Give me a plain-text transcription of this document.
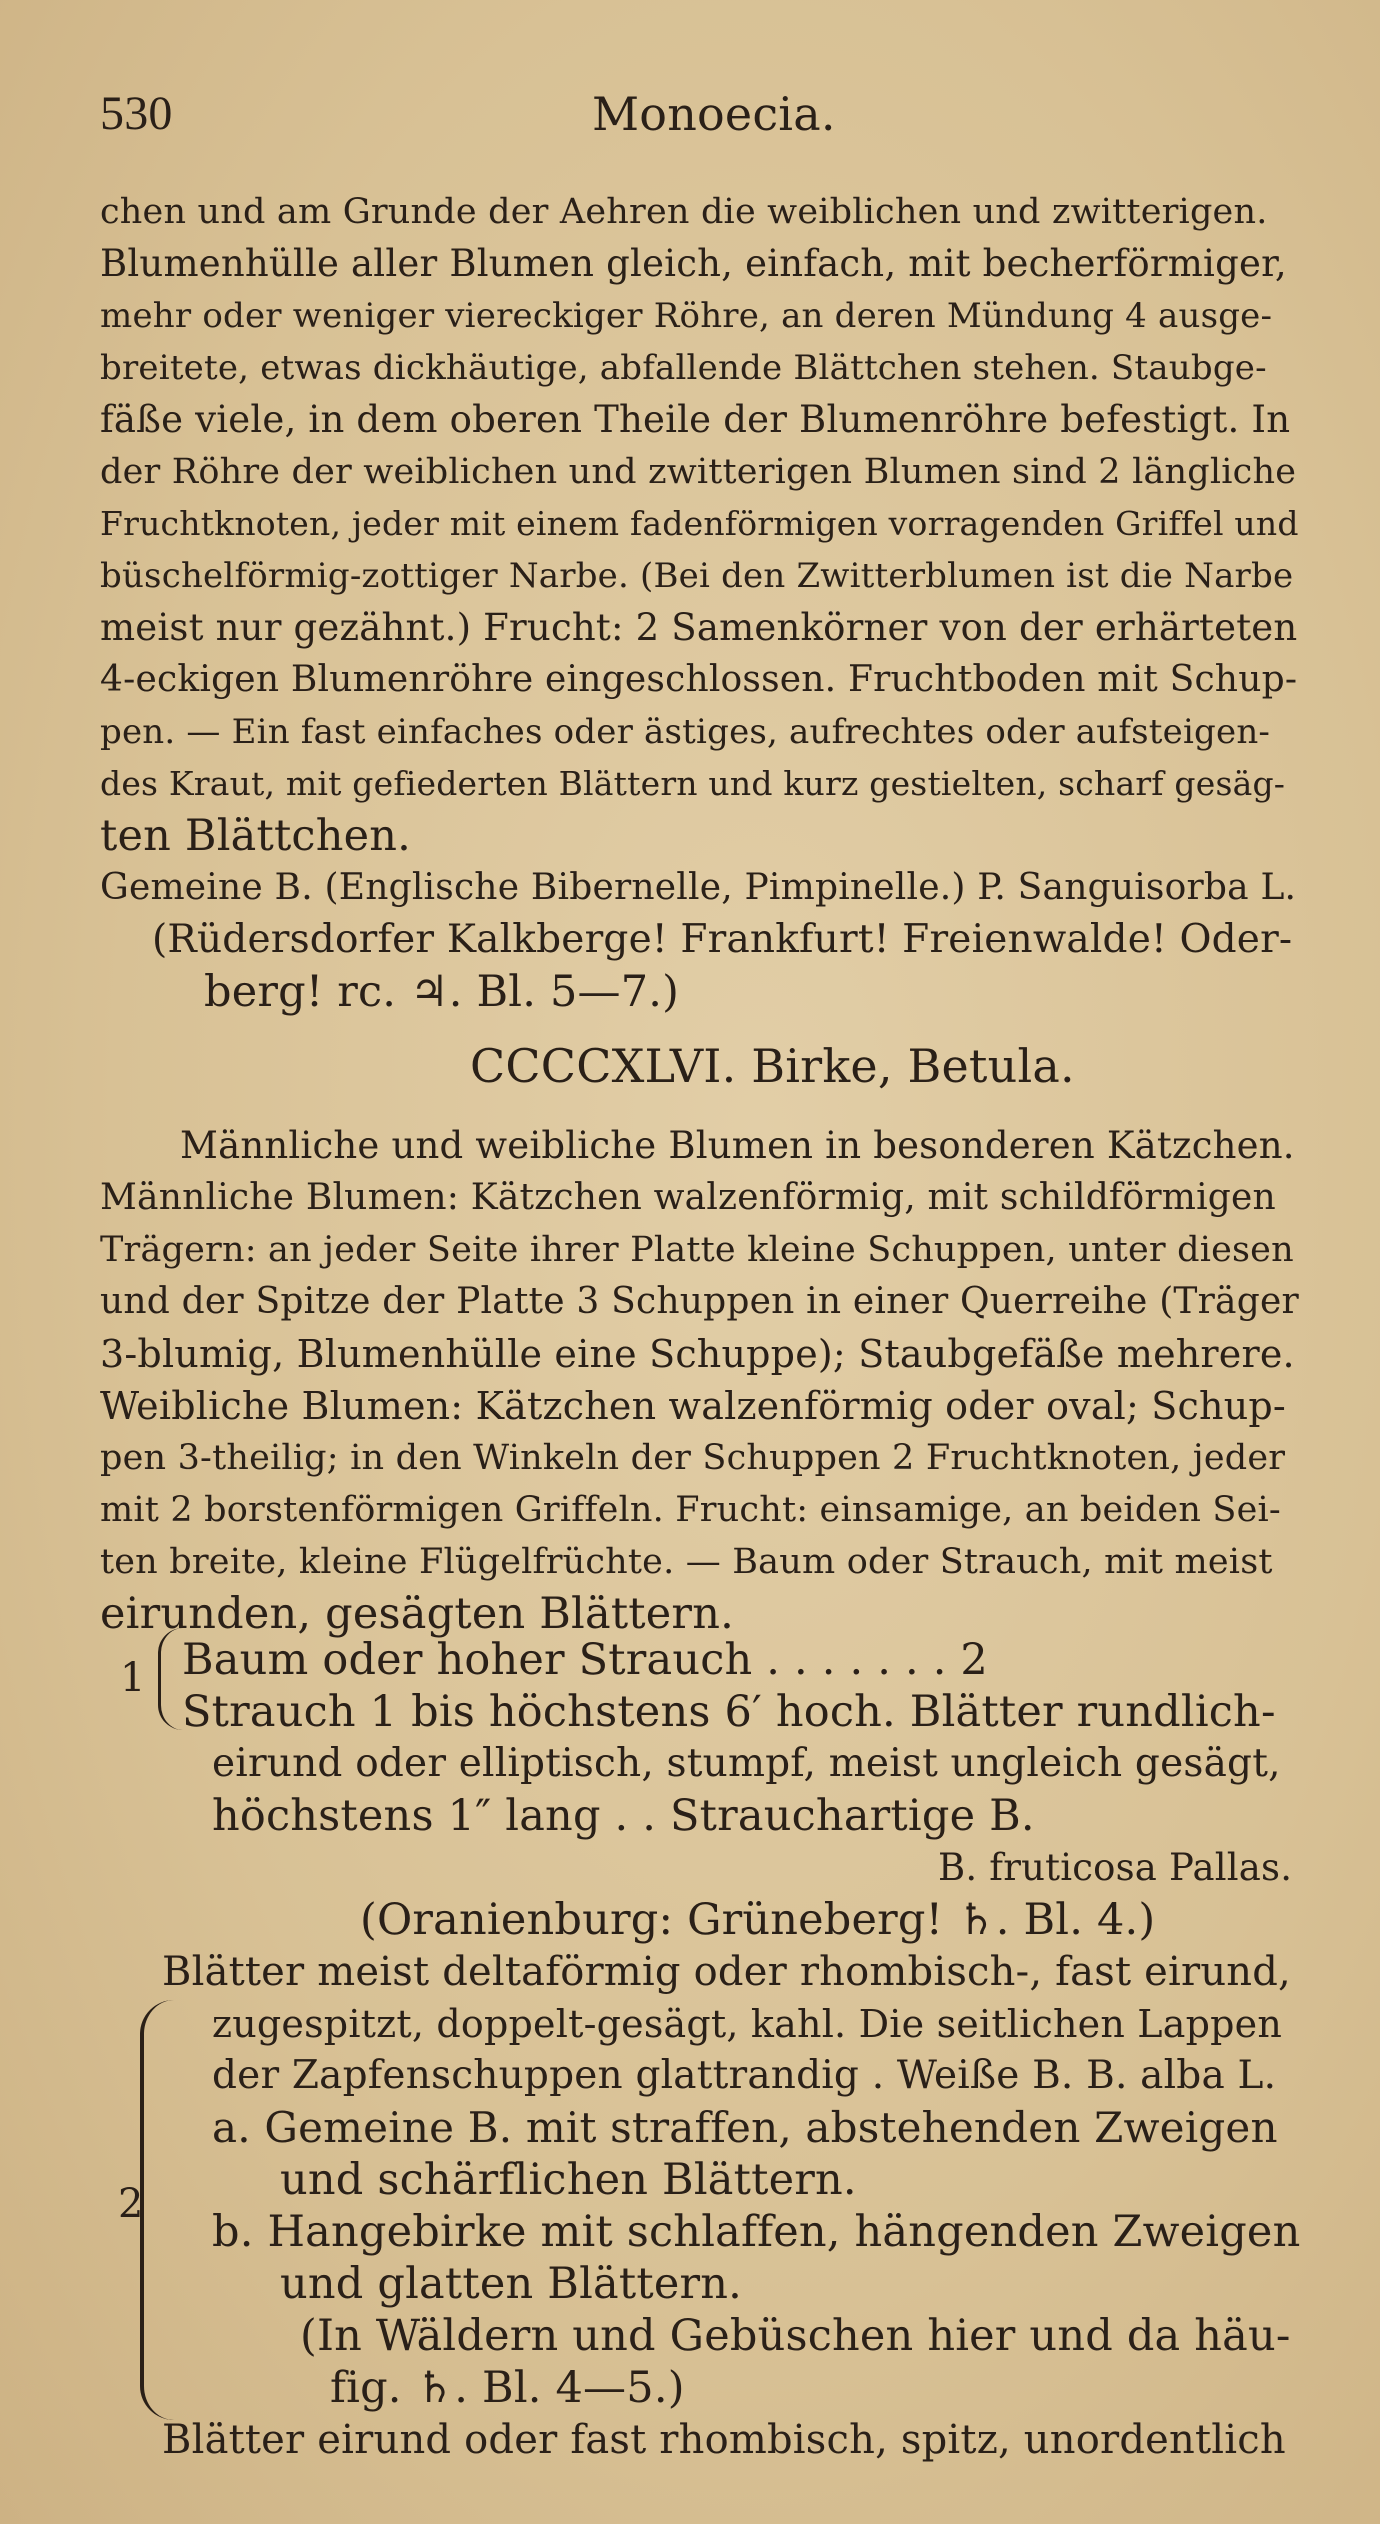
530	Monoecia.
chen und am Grunde der Aehren die weiblichen und zwitterigen.
Blumenhülle aller Blumen gleich, einfach, mit becherförmiger,
mehr oder weniger viereckiger Röhre, an deren Mündung 4 ausge-
breitete, etwas dickhäutige, abfallende Blättchen stehen. Staubge-
fäße viele, in dem oberen Theile der Blumenröhre befestigt. In
der Röhre der weiblichen und zwitterigen Blumen sind 2 längliche
Fruchtknoten, jeder mit einem fadenförmigen vorragenden Griffel und
büschelförmig-zottiger Narbe. (Bei den Zwitterblumen ist die Narbe
meist nur gezähnt.) Frucht: 2 Samenkörner von der erhärteten
4-eckigen Blumenröhre eingeschlossen. Fruchtboden mit Schup-
pen. — Ein fast einfaches oder ästiges, aufrechtes oder aufsteigen-
des Kraut, mit gefiederten Blättern und kurz gestielten, scharf gesäg-
ten Blättchen.
Gemeine B. (Englische Bibernelle, Pimpinelle.) P. Sanguisorba L.
(Rüdersdorfer Kalkberge! Frankfurt! Freienwalde! Oder-
berg! rc. ♃. Bl. 5—7.)
CCCCXLVI. Birke, Betula.
Männliche und weibliche Blumen in besonderen Kätzchen.
Männliche Blumen: Kätzchen walzenförmig, mit schildförmigen
Trägern: an jeder Seite ihrer Platte kleine Schuppen, unter diesen
und der Spitze der Platte 3 Schuppen in einer Querreihe (Träger
3-blumig, Blumenhülle eine Schuppe); Staubgefäße mehrere.
Weibliche Blumen: Kätzchen walzenförmig oder oval; Schup-
pen 3-theilig; in den Winkeln der Schuppen 2 Fruchtknoten, jeder
mit 2 borstenförmigen Griffeln. Frucht: einsamige, an beiden Sei-
ten breite, kleine Flügelfrüchte. — Baum oder Strauch, mit meist
eirunden, gesägten Blättern.
1 Baum oder hoher Strauch . . . . . . . 2
Strauch 1 bis höchstens 6′ hoch. Blätter rundlich-
eirund oder elliptisch, stumpf, meist ungleich gesägt,
höchstens 1″ lang . . Strauchartige B.
B. fruticosa Pallas.
(Oranienburg: Grüneberg! ♄. Bl. 4.)
2
Blätter meist deltaförmig oder rhombisch-, fast eirund,
zugespitzt, doppelt-gesägt, kahl. Die seitlichen Lappen
der Zapfenschuppen glattrandig . Weiße B. B. alba L.
a. Gemeine B. mit straffen, abstehenden Zweigen
und schärflichen Blättern.
b. Hangebirke mit schlaffen, hängenden Zweigen
und glatten Blättern.
(In Wäldern und Gebüschen hier und da häu-
fig. ♄. Bl. 4—5.)
Blätter eirund oder fast rhombisch, spitz, unordentlich
